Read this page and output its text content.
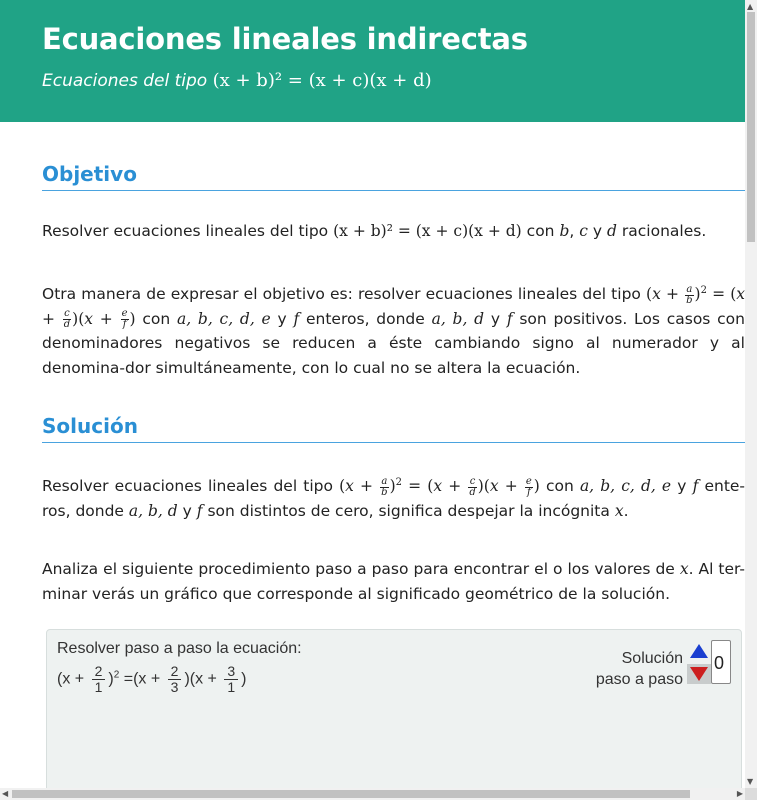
Ecuaciones lineales indirectas
Ecuaciones del tipo (x + b)² = (x + c)(x + d)
Objetivo
Resolver ecuaciones lineales del tipo (x + b)² = (x + c)(x + d) con b, c y d racionales.
Otra manera de expresar el objetivo es: resolver ecuaciones lineales del tipo $(x + \frac{a}{b} )^2 = (x + \frac{c}{d} )(x + \frac{e}{f}$ ) con a, b, c, d, e y f enteros, donde a, b, d y f son positivos. Los casos con denominadores negativos se reducen a éste cambiando signo al numerador y al denomina-dor simultáneamente, con lo cual no se altera la ecuación.
Solución
Resolver ecuaciones lineales del tipo $(x + \frac{a}{b} )^2 = (x + \frac{c}{d} )(x + \frac{e}{f}$ ) con a, b, c, d, e y f ente-ros, donde a, b, d y f son distintos de cero, significa despejar la incógnita x.
Analiza el siguiente procedimiento paso a paso para encontrar el o los valores de x. Al ter-minar verás un gráfico que corresponde al significado geométrico de la solución.
Resolver paso a paso la ecuación:
$(x + \frac{2}{1} )^2 =(x + \frac{2}{3} )(x + \frac{3}{1}$ )
Solución
paso a paso
0
▲
▼
◀	▶
